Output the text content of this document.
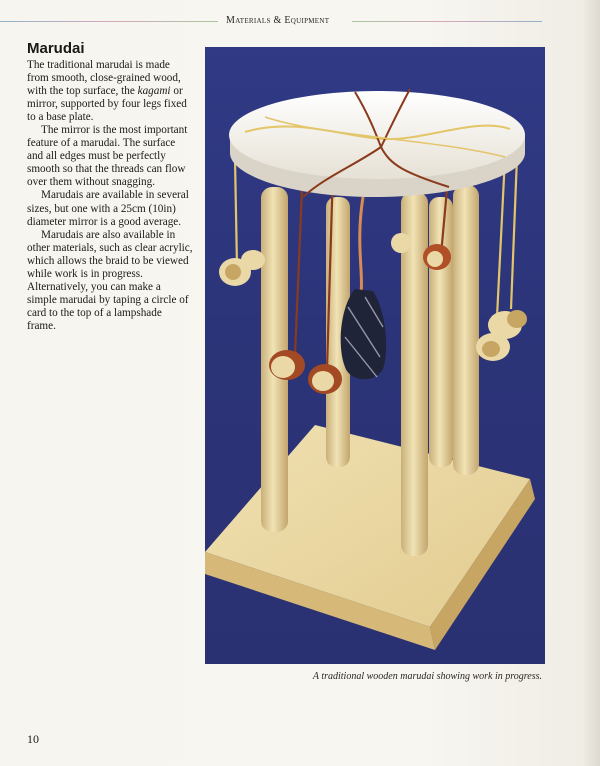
Materials & Equipment
Marudai

The traditional marudai is made from smooth, close-grained wood, with the top surface, the kagami or mirror, supported by four legs fixed to a base plate.

The mirror is the most important feature of a marudai. The surface and all edges must be perfectly smooth so that the threads can flow over them without snagging.

Marudais are available in several sizes, but one with a 25cm (10in) diameter mirror is a good average.

Marudais are also available in other materials, such as clear acrylic, which allows the braid to be viewed while work is in progress. Alternatively, you can make a simple marudai by taping a circle of card to the top of a lampshade frame.

A traditional wooden marudai showing work in progress.
10
